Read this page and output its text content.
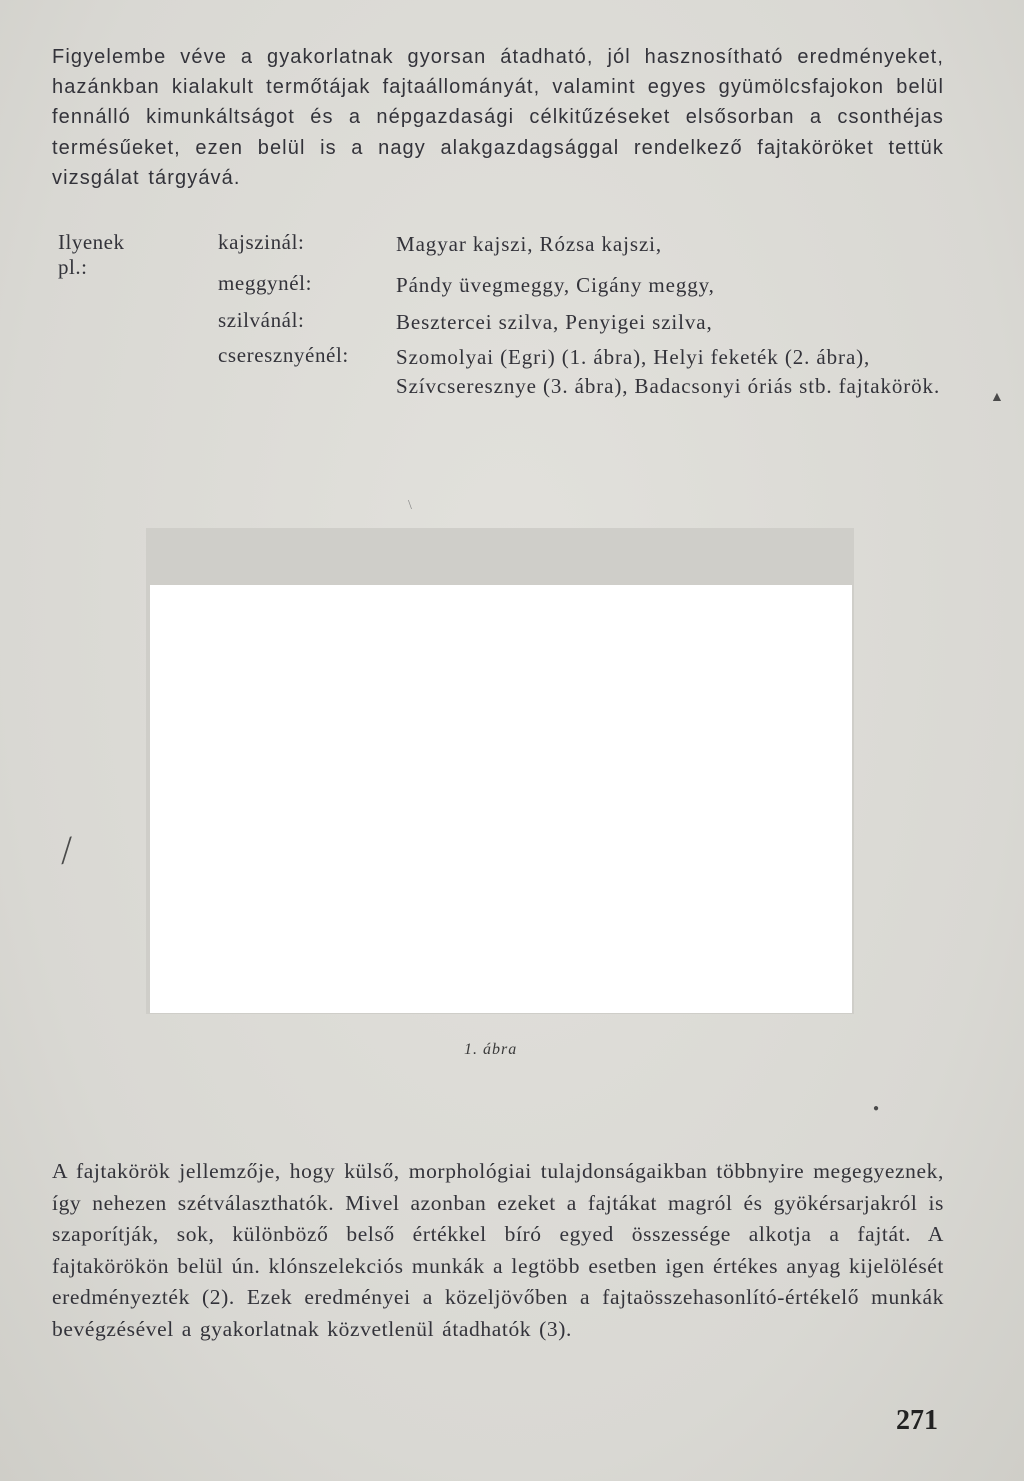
Figyelembe véve a gyakorlatnak gyorsan átadható, jól hasznosítható eredményeket, hazánkban kialakult termőtájak fajtaállományát, valamint egyes gyümölcsfajokon belül fennálló kimunkáltságot és a népgazdasági célkitűzéseket elsősorban a csonthéjas termésűeket, ezen belül is a nagy alakgazdagsággal rendelkező fajtaköröket tettük vizsgálat tárgyává.

Ilyenek pl.:
kajszinál:	Magyar kajszi, Rózsa kajszi,
meggynél:	Pándy üvegmeggy, Cigány meggy,
szilvánál:	Besztercei szilva, Penyigei szilva,
cseresznyénél: Szomolyai (Egri) (1. ábra), Helyi feketék (2. ábra), Szívcseresznye (3. ábra), Badacsonyi óriás stb. fajtakörök.
1. ábra

A fajtakörök jellemzője, hogy külső, morphológiai tulajdonságaikban többnyire megegyeznek, így nehezen szétválaszthatók. Mivel azonban ezeket a fajtákat magról és gyökérsarjakról is szaporítják, sok, különböző belső értékkel bíró egyed összessége alkotja a fajtát. A fajtakörökön belül ún. klónszelekciós munkák a legtöbb esetben igen értékes anyag kijelölését eredményezték (2). Ezek eredményei a közeljövőben a fajtaösszehasonlító-értékelő munkák bevégzésével a gyakorlatnak közvetlenül átadhatók (3).

271
╱
▲
●
\
